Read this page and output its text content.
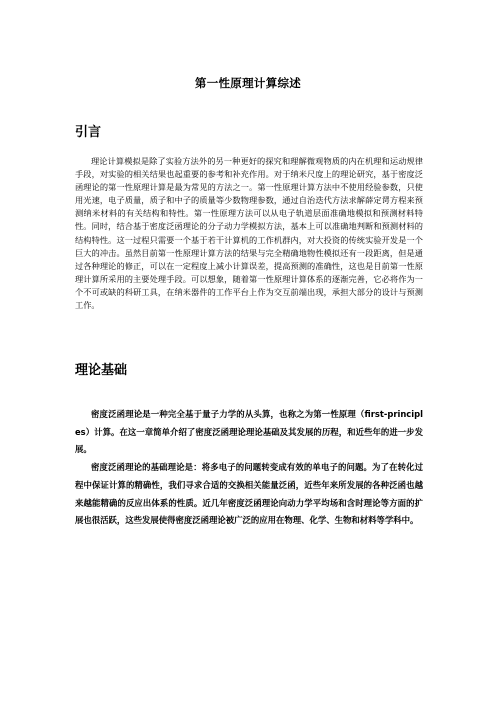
第一性原理计算综述
引言

理论计算模拟是除了实验方法外的另一种更好的探究和理解微观物质的内在机理和运动规律手段，对实验的相关结果也起重要的参考和补充作用。对于纳米尺度上的理论研究，基于密度泛函理论的第一性原理计算是最为常见的方法之一。第一性原理计算方法中不使用经验参数，只使用光速，电子质量，质子和中子的质量等少数物理参数，通过自治迭代方法求解薛定谔方程来预测纳米材料的有关结构和特性。第一性原理方法可以从电子轨道层面准确地模拟和预测材料特性。同时，结合基于密度泛函理论的分子动力学模拟方法，基本上可以准确地判断和预测材料的结构特性。这一过程只需要一个基于若干计算机的工作机群内，对大投资的传统实验开发是一个巨大的冲击。虽然目前第一性原理计算方法的结果与完全精确地物性模拟还有一段距离，但是通过各种理论的修正，可以在一定程度上减小计算误差，提高预测的准确性，这也是目前第一性原理计算所采用的主要处理手段。可以想象，随着第一性原理计算体系的逐渐完善，它必将作为一个不可或缺的科研工具，在纳米器件的工作平台上作为交互前端出现，承担大部分的设计与预测工作。

理论基础

密度泛函理论是一种完全基于量子力学的从头算，也称之为第一性原理（first-principles）计算。在这一章简单介绍了密度泛函理论理论基础及其发展的历程，和近些年的进一步发展。

密度泛函理论的基础理论是：将多电子的问题转变成有效的单电子的问题。为了在转化过程中保证计算的精确性，我们寻求合适的交换相关能量泛函，近些年来所发展的各种泛函也越来越能精确的反应出体系的性质。近几年密度泛函理论向动力学平均场和含时理论等方面的扩展也很活跃，这些发展使得密度泛函理论被广泛的应用在物理、化学、生物和材料等学科中。
